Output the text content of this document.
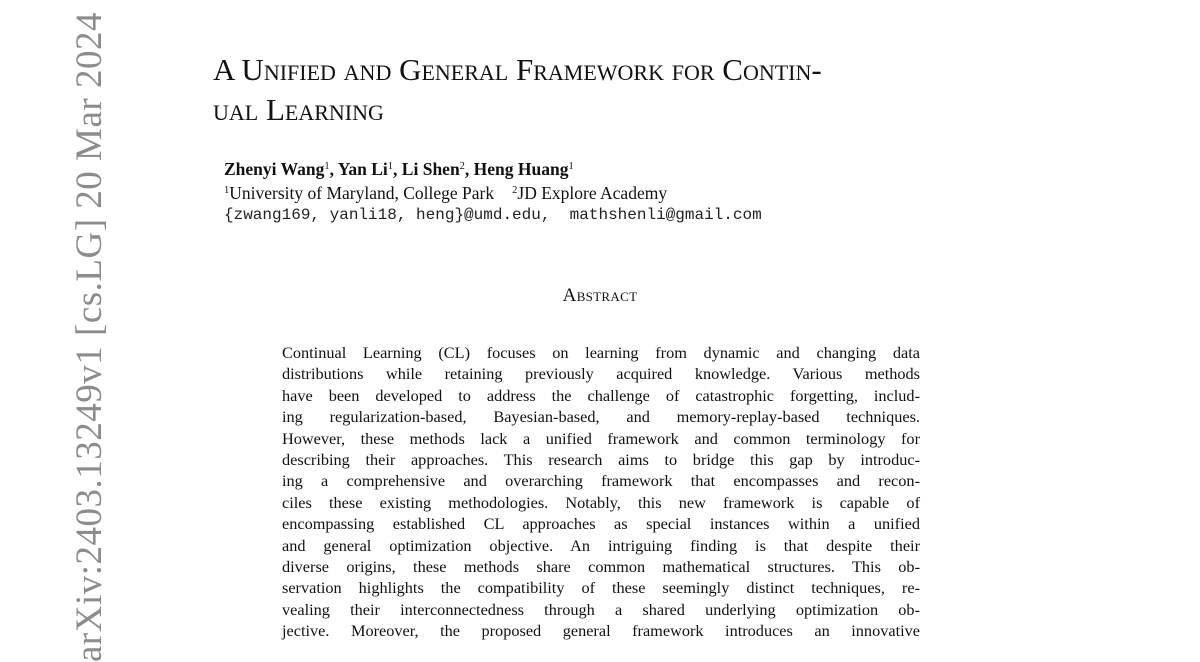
arXiv:2403.13249v1 [cs.LG] 20 Mar 2024	A Unified and General Framework for Contin-
ual Learning
Zhenyi Wang$^1$, Yan Li$^1$, Li Shen$^2$, Heng Huang$^1$
$^1$University of Maryland, College Park $^2$JD Explore Academy
{zwang169, yanli18, heng}@umd.edu,  mathshenli@gmail.com
Abstract
Continual Learning (CL) focuses on learning from dynamic and changing data
distributions while retaining previously acquired knowledge. Various methods
have been developed to address the challenge of catastrophic forgetting, includ-
ing regularization-based, Bayesian-based, and memory-replay-based techniques.
However, these methods lack a unified framework and common terminology for
describing their approaches. This research aims to bridge this gap by introduc-
ing a comprehensive and overarching framework that encompasses and recon-
ciles these existing methodologies. Notably, this new framework is capable of
encompassing established CL approaches as special instances within a unified
and general optimization objective. An intriguing finding is that despite their
diverse origins, these methods share common mathematical structures. This ob-
servation highlights the compatibility of these seemingly distinct techniques, re-
vealing their interconnectedness through a shared underlying optimization ob-
jective. Moreover, the proposed general framework introduces an innovative
